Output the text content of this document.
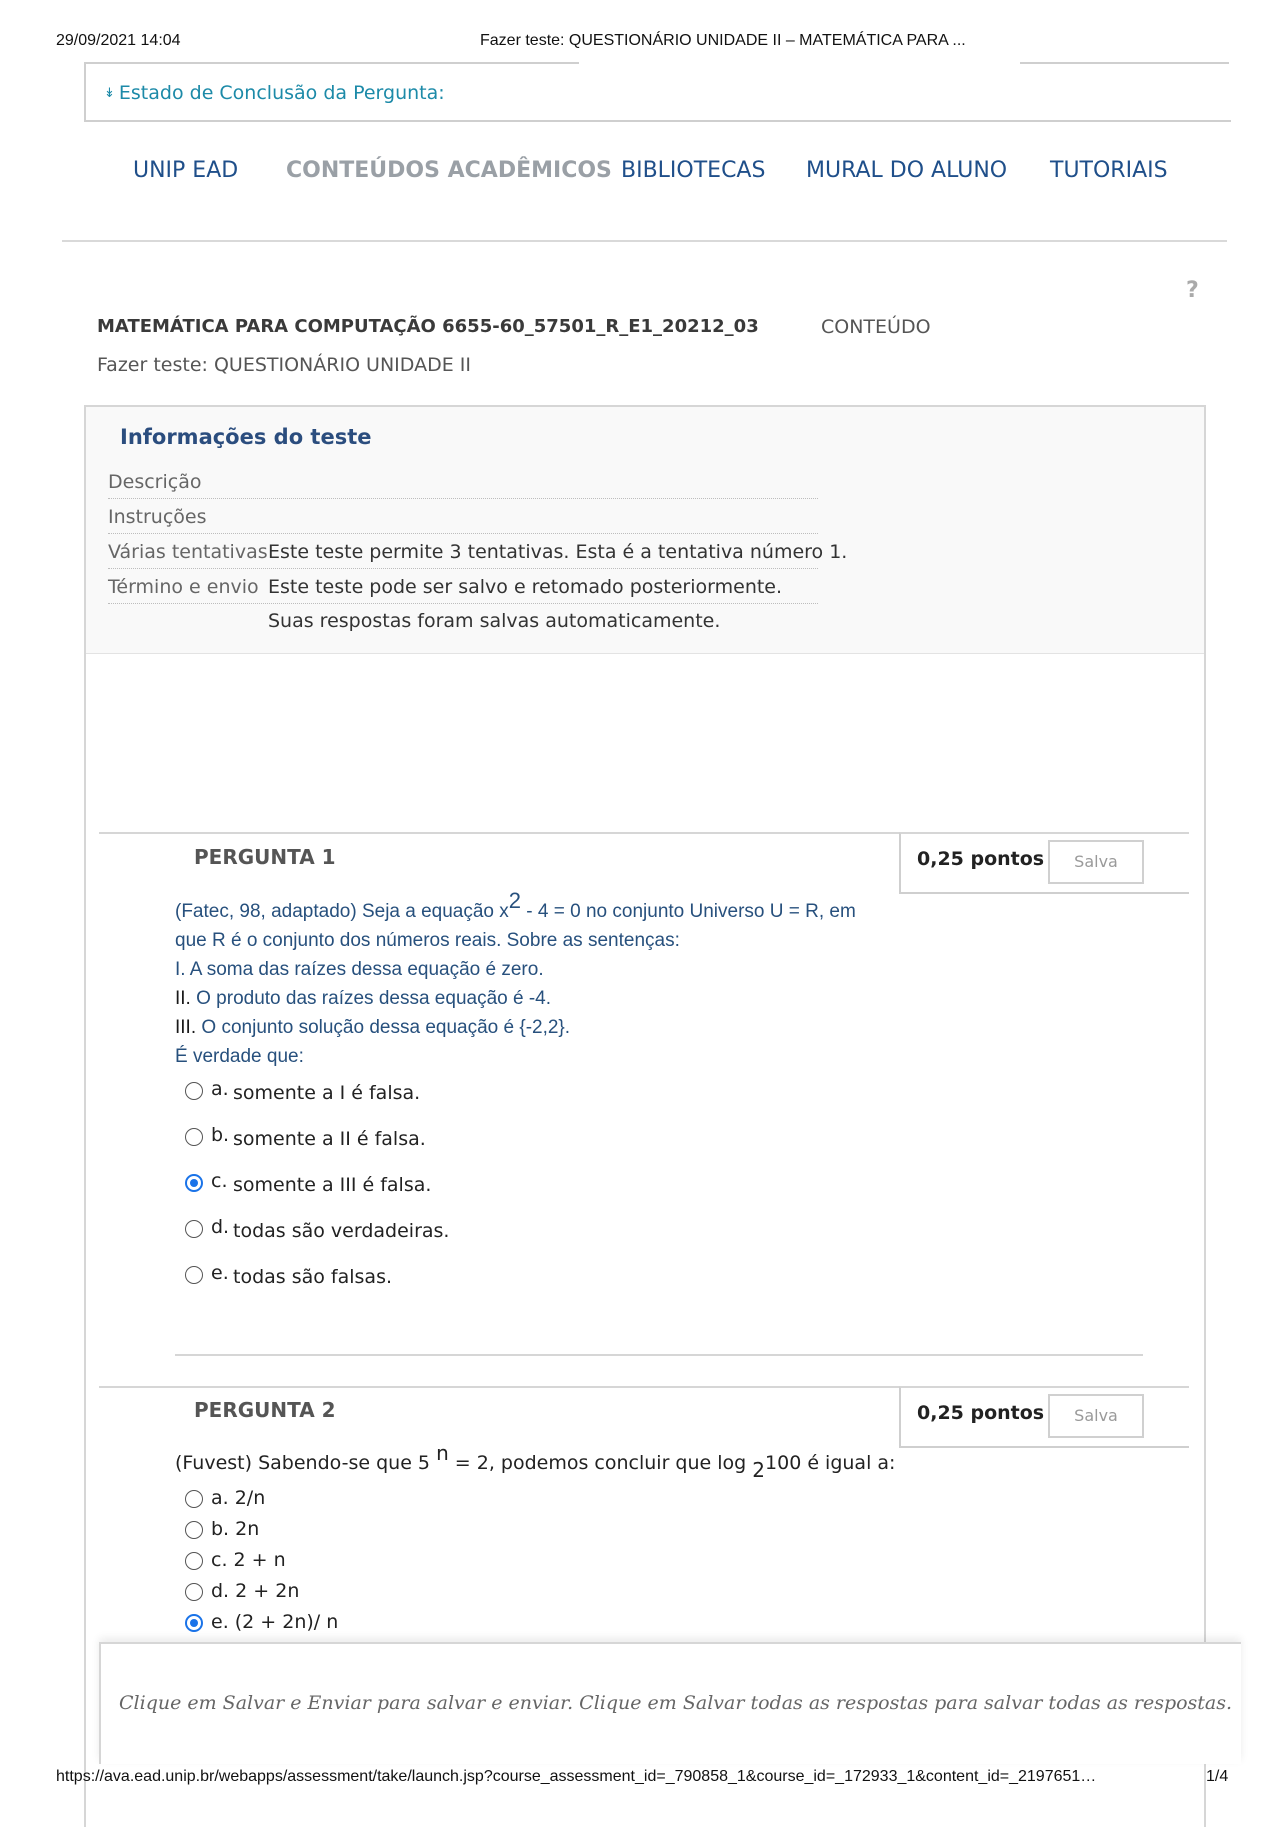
29/09/2021 14:04	Fazer teste: QUESTIONÁRIO UNIDADE II – MATEMÁTICA PARA ...
↡ Estado de Conclusão da Pergunta:
UNIP EAD CONTEÚDOS ACADÊMICOS BIBLIOTECAS MURAL DO ALUNO TUTORIAIS
?
MATEMÁTICA PARA COMPUTAÇÃO 6655-60_57501_R_E1_20212_03	CONTEÚDO
Fazer teste: QUESTIONÁRIO UNIDADE II
Informações do teste
Descrição
Instruções
Várias tentativas Este teste permite 3 tentativas. Esta é a tentativa número 1.
Término e envio Este teste pode ser salvo e retomado posteriormente.
Suas respostas foram salvas automaticamente.
PERGUNTA 1	0,25 pontos	Salva
(Fatec, 98, adaptado) Seja a equação $x^2 - 4 = 0$ no conjunto Universo U = R, em
que R é o conjunto dos números reais. Sobre as sentenças:
I. A soma das raízes dessa equação é zero.
II. O produto das raízes dessa equação é -4.
III. O conjunto solução dessa equação é {-2,2}.
É verdade que:
a. somente a I é falsa.
b. somente a II é falsa.
c. somente a III é falsa.
d. todas são verdadeiras.
e. todas são falsas.
PERGUNTA 2	0,25 pontos	Salva
(Fuvest) Sabendo-se que 5 $^n$ = 2, podemos concluir que log $_2$100 é igual a:
a. 2/n
b. 2n
c. 2 + n
d. 2 + 2n
e. (2 + 2n)/ n
Clique em Salvar e Enviar para salvar e enviar. Clique em Salvar todas as respostas para salvar todas as respostas.
https://ava.ead.unip.br/webapps/assessment/take/launch.jsp?course_assessment_id=_790858_1&course_id=_172933_1&content_id=_2197651…	1/4
